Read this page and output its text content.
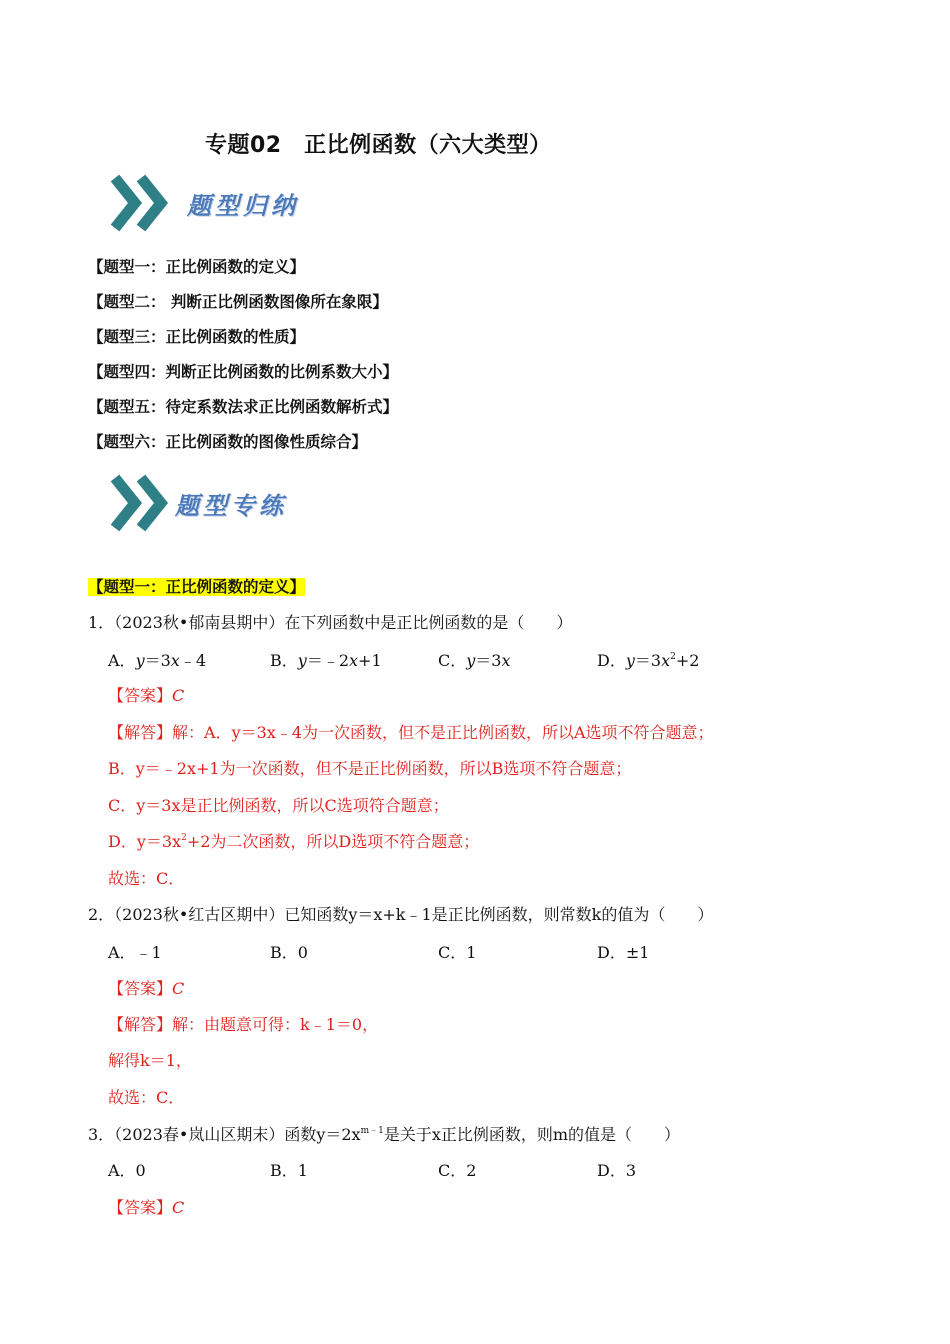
专题02　正比例函数（六大类型）
题型归纳
【题型一：正比例函数的定义】
【题型二： 判断正比例函数图像所在象限】
【题型三：正比例函数的性质】
【题型四：判断正比例函数的比例系数大小】
【题型五：待定系数法求正比例函数解析式】
【题型六：正比例函数的图像性质综合】
题型专练
【题型一：正比例函数的定义】
1．（2023秋•郁南县期中）在下列函数中是正比例函数的是（　　）
A．y＝3x﹣4	B．y＝﹣2x+1	C．y＝3x	D．$y=3x^2+2$
【答案】C
【解答】解：A．y＝3x﹣4为一次函数，但不是正比例函数，所以A选项不符合题意；
B．y＝﹣2x+1为一次函数，但不是正比例函数，所以B选项不符合题意；
C．y＝3x是正比例函数，所以C选项符合题意；
D．$y=3x^2+2$为二次函数，所以D选项不符合题意；
故选：C．
2．（2023秋•红古区期中）已知函数y＝x+k﹣1是正比例函数，则常数k的值为（　　）
A．﹣1	B．0	C．1	D．±1
【答案】C
【解答】解：由题意可得：k﹣1＝0，
解得k＝1，
故选：C．
3．（2023春•岚山区期末）函数$y=2x^{m﹣1}$是关于x正比例函数，则m的值是（　　）
A．0	B．1	C．2	D．3
【答案】C
